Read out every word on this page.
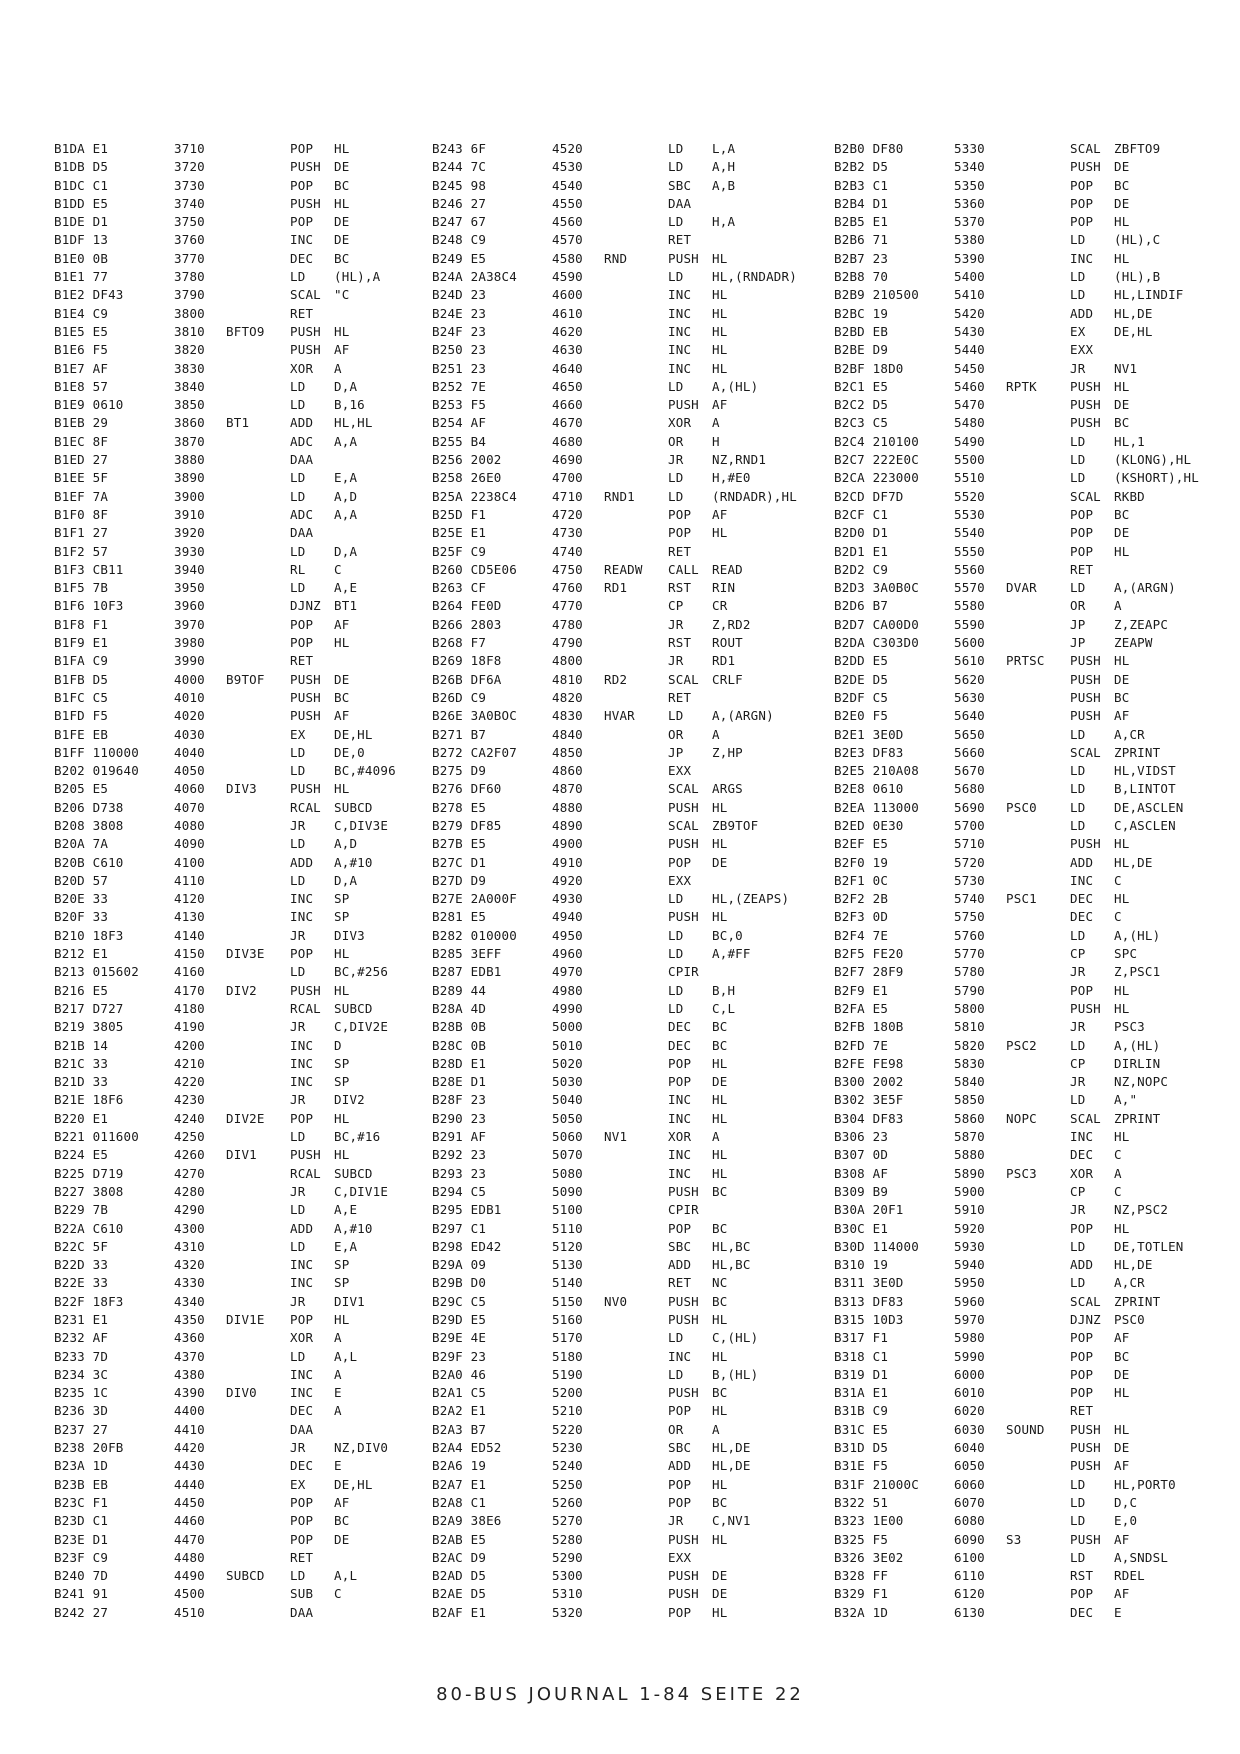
B1DA E1	3710	POP HL
B1DB D5	3720	PUSH DE
B1DC C1	3730	POP BC
B1DD E5	3740	PUSH HL
B1DE D1	3750	POP DE
B1DF 13	3760	INC DE
B1E0 0B	3770	DEC BC
B1E1 77	3780	LD (HL),A
B1E2 DF43	3790	SCAL "C
B1E4 C9	3800	RET
B1E5 E5	3810 BFTO9 PUSH HL
B1E6 F5	3820	PUSH AF
B1E7 AF	3830	XOR A
B1E8 57	3840	LD D,A
B1E9 0610	3850	LD B,16
B1EB 29	3860 BT1	ADD HL,HL
B1EC 8F	3870	ADC A,A
B1ED 27	3880	DAA
B1EE 5F	3890	LD E,A
B1EF 7A	3900	LD A,D
B1F0 8F	3910	ADC A,A
B1F1 27	3920	DAA
B1F2 57	3930	LD D,A
B1F3 CB11	3940	RL C
B1F5 7B	3950	LD A,E
B1F6 10F3	3960	DJNZ BT1
B1F8 F1	3970	POP AF
B1F9 E1	3980	POP HL
B1FA C9	3990	RET
B1FB D5	4000 B9TOF PUSH DE
B1FC C5	4010	PUSH BC
B1FD F5	4020	PUSH AF
B1FE EB	4030	EX DE,HL
B1FF 110000	4040	LD DE,0
B202 019640	4050	LD BC,#4096
B205 E5	4060 DIV3	PUSH HL
B206 D738	4070	RCAL SUBCD
B208 3808	4080	JR C,DIV3E
B20A 7A	4090	LD A,D
B20B C610	4100	ADD A,#10
B20D 57	4110	LD D,A
B20E 33	4120	INC SP
B20F 33	4130	INC SP
B210 18F3	4140	JR DIV3
B212 E1	4150 DIV3E POP HL
B213 015602	4160	LD BC,#256
B216 E5	4170 DIV2	PUSH HL
B217 D727	4180	RCAL SUBCD
B219 3805	4190	JR C,DIV2E
B21B 14	4200	INC D
B21C 33	4210	INC SP
B21D 33	4220	INC SP
B21E 18F6	4230	JR DIV2
B220 E1	4240 DIV2E POP HL
B221 011600	4250	LD BC,#16
B224 E5	4260 DIV1	PUSH HL
B225 D719	4270	RCAL SUBCD
B227 3808	4280	JR C,DIV1E
B229 7B	4290	LD A,E
B22A C610	4300	ADD A,#10
B22C 5F	4310	LD E,A
B22D 33	4320	INC SP
B22E 33	4330	INC SP
B22F 18F3	4340	JR DIV1
B231 E1	4350 DIV1E POP HL
B232 AF	4360	XOR A
B233 7D	4370	LD A,L
B234 3C	4380	INC A
B235 1C	4390 DIV0	INC E
B236 3D	4400	DEC A
B237 27	4410	DAA
B238 20FB	4420	JR NZ,DIV0
B23A 1D	4430	DEC E
B23B EB	4440	EX DE,HL
B23C F1	4450	POP AF
B23D C1	4460	POP BC
B23E D1	4470	POP DE
B23F C9	4480	RET
B240 7D	4490 SUBCD LD A,L
B241 91	4500	SUB C
B242 27	4510	DAA
B243 6F	4520	LD L,A
B244 7C	4530	LD A,H
B245 98	4540	SBC A,B
B246 27	4550	DAA
B247 67	4560	LD H,A
B248 C9	4570	RET
B249 E5	4580 RND	PUSH HL
B24A 2A38C4	4590	LD HL,(RNDADR)
B24D 23	4600	INC HL
B24E 23	4610	INC HL
B24F 23	4620	INC HL
B250 23	4630	INC HL
B251 23	4640	INC HL
B252 7E	4650	LD A,(HL)
B253 F5	4660	PUSH AF
B254 AF	4670	XOR A
B255 B4	4680	OR H
B256 2002	4690	JR NZ,RND1
B258 26E0	4700	LD H,#E0
B25A 2238C4	4710 RND1	LD (RNDADR),HL
B25D F1	4720	POP AF
B25E E1	4730	POP HL
B25F C9	4740	RET
B260 CD5E06	4750 READW CALL READ
B263 CF	4760 RD1	RST RIN
B264 FE0D	4770	CP CR
B266 2803	4780	JR Z,RD2
B268 F7	4790	RST ROUT
B269 18F8	4800	JR RD1
B26B DF6A	4810 RD2	SCAL CRLF
B26D C9	4820	RET
B26E 3A0BOC	4830 HVAR	LD A,(ARGN)
B271 B7	4840	OR A
B272 CA2F07	4850	JP Z,HP
B275 D9	4860	EXX
B276 DF60	4870	SCAL ARGS
B278 E5	4880	PUSH HL
B279 DF85	4890	SCAL ZB9TOF
B27B E5	4900	PUSH HL
B27C D1	4910	POP DE
B27D D9	4920	EXX
B27E 2A000F	4930	LD HL,(ZEAPS)
B281 E5	4940	PUSH HL
B282 010000	4950	LD BC,0
B285 3EFF	4960	LD A,#FF
B287 EDB1	4970	CPIR
B289 44	4980	LD B,H
B28A 4D	4990	LD C,L
B28B 0B	5000	DEC BC
B28C 0B	5010	DEC BC
B28D E1	5020	POP HL
B28E D1	5030	POP DE
B28F 23	5040	INC HL
B290 23	5050	INC HL
B291 AF	5060 NV1	XOR A
B292 23	5070	INC HL
B293 23	5080	INC HL
B294 C5	5090	PUSH BC
B295 EDB1	5100	CPIR
B297 C1	5110	POP BC
B298 ED42	5120	SBC HL,BC
B29A 09	5130	ADD HL,BC
B29B D0	5140	RET NC
B29C C5	5150 NV0	PUSH BC
B29D E5	5160	PUSH HL
B29E 4E	5170	LD C,(HL)
B29F 23	5180	INC HL
B2A0 46	5190	LD B,(HL)
B2A1 C5	5200	PUSH BC
B2A2 E1	5210	POP HL
B2A3 B7	5220	OR A
B2A4 ED52	5230	SBC HL,DE
B2A6 19	5240	ADD HL,DE
B2A7 E1	5250	POP HL
B2A8 C1	5260	POP BC
B2A9 38E6	5270	JR C,NV1
B2AB E5	5280	PUSH HL
B2AC D9	5290	EXX
B2AD D5	5300	PUSH DE
B2AE D5	5310	PUSH DE
B2AF E1	5320	POP HL
B2B0 DF80	5330	SCAL ZBFTO9
B2B2 D5	5340	PUSH DE
B2B3 C1	5350	POP BC
B2B4 D1	5360	POP DE
B2B5 E1	5370	POP HL
B2B6 71	5380	LD (HL),C
B2B7 23	5390	INC HL
B2B8 70	5400	LD (HL),B
B2B9 210500	5410	LD HL,LINDIF
B2BC 19	5420	ADD HL,DE
B2BD EB	5430	EX DE,HL
B2BE D9	5440	EXX
B2BF 18D0	5450	JR NV1
B2C1 E5	5460 RPTK	PUSH HL
B2C2 D5	5470	PUSH DE
B2C3 C5	5480	PUSH BC
B2C4 210100	5490	LD HL,1
B2C7 222E0C	5500	LD (KLONG),HL
B2CA 223000	5510	LD (KSHORT),HL
B2CD DF7D	5520	SCAL RKBD
B2CF C1	5530	POP BC
B2D0 D1	5540	POP DE
B2D1 E1	5550	POP HL
B2D2 C9	5560	RET
B2D3 3A0B0C	5570 DVAR	LD A,(ARGN)
B2D6 B7	5580	OR A
B2D7 CA00D0	5590	JP Z,ZEAPC
B2DA C303D0	5600	JP ZEAPW
B2DD E5	5610 PRTSC PUSH HL
B2DE D5	5620	PUSH DE
B2DF C5	5630	PUSH BC
B2E0 F5	5640	PUSH AF
B2E1 3E0D	5650	LD A,CR
B2E3 DF83	5660	SCAL ZPRINT
B2E5 210A08	5670	LD HL,VIDST
B2E8 0610	5680	LD B,LINTOT
B2EA 113000	5690 PSC0	LD DE,ASCLEN
B2ED 0E30	5700	LD C,ASCLEN
B2EF E5	5710	PUSH HL
B2F0 19	5720	ADD HL,DE
B2F1 0C	5730	INC C
B2F2 2B	5740 PSC1	DEC HL
B2F3 0D	5750	DEC C
B2F4 7E	5760	LD A,(HL)
B2F5 FE20	5770	CP SPC
B2F7 28F9	5780	JR Z,PSC1
B2F9 E1	5790	POP HL
B2FA E5	5800	PUSH HL
B2FB 180B	5810	JR PSC3
B2FD 7E	5820 PSC2	LD A,(HL)
B2FE FE98	5830	CP DIRLIN
B300 2002	5840	JR NZ,NOPC
B302 3E5F	5850	LD A,"
B304 DF83	5860 NOPC	SCAL ZPRINT
B306 23	5870	INC HL
B307 0D	5880	DEC C
B308 AF	5890 PSC3	XOR A
B309 B9	5900	CP C
B30A 20F1	5910	JR NZ,PSC2
B30C E1	5920	POP HL
B30D 114000	5930	LD DE,TOTLEN
B310 19	5940	ADD HL,DE
B311 3E0D	5950	LD A,CR
B313 DF83	5960	SCAL ZPRINT
B315 10D3	5970	DJNZ PSC0
B317 F1	5980	POP AF
B318 C1	5990	POP BC
B319 D1	6000	POP DE
B31A E1	6010	POP HL
B31B C9	6020	RET
B31C E5	6030 SOUND PUSH HL
B31D D5	6040	PUSH DE
B31E F5	6050	PUSH AF
B31F 21000C	6060	LD HL,PORT0
B322 51	6070	LD D,C
B323 1E00	6080	LD E,0
B325 F5	6090 S3	PUSH AF
B326 3E02	6100	LD A,SNDSL
B328 FF	6110	RST RDEL
B329 F1	6120	POP AF
B32A 1D	6130	DEC E
80-BUS JOURNAL 1-84 SEITE 22
